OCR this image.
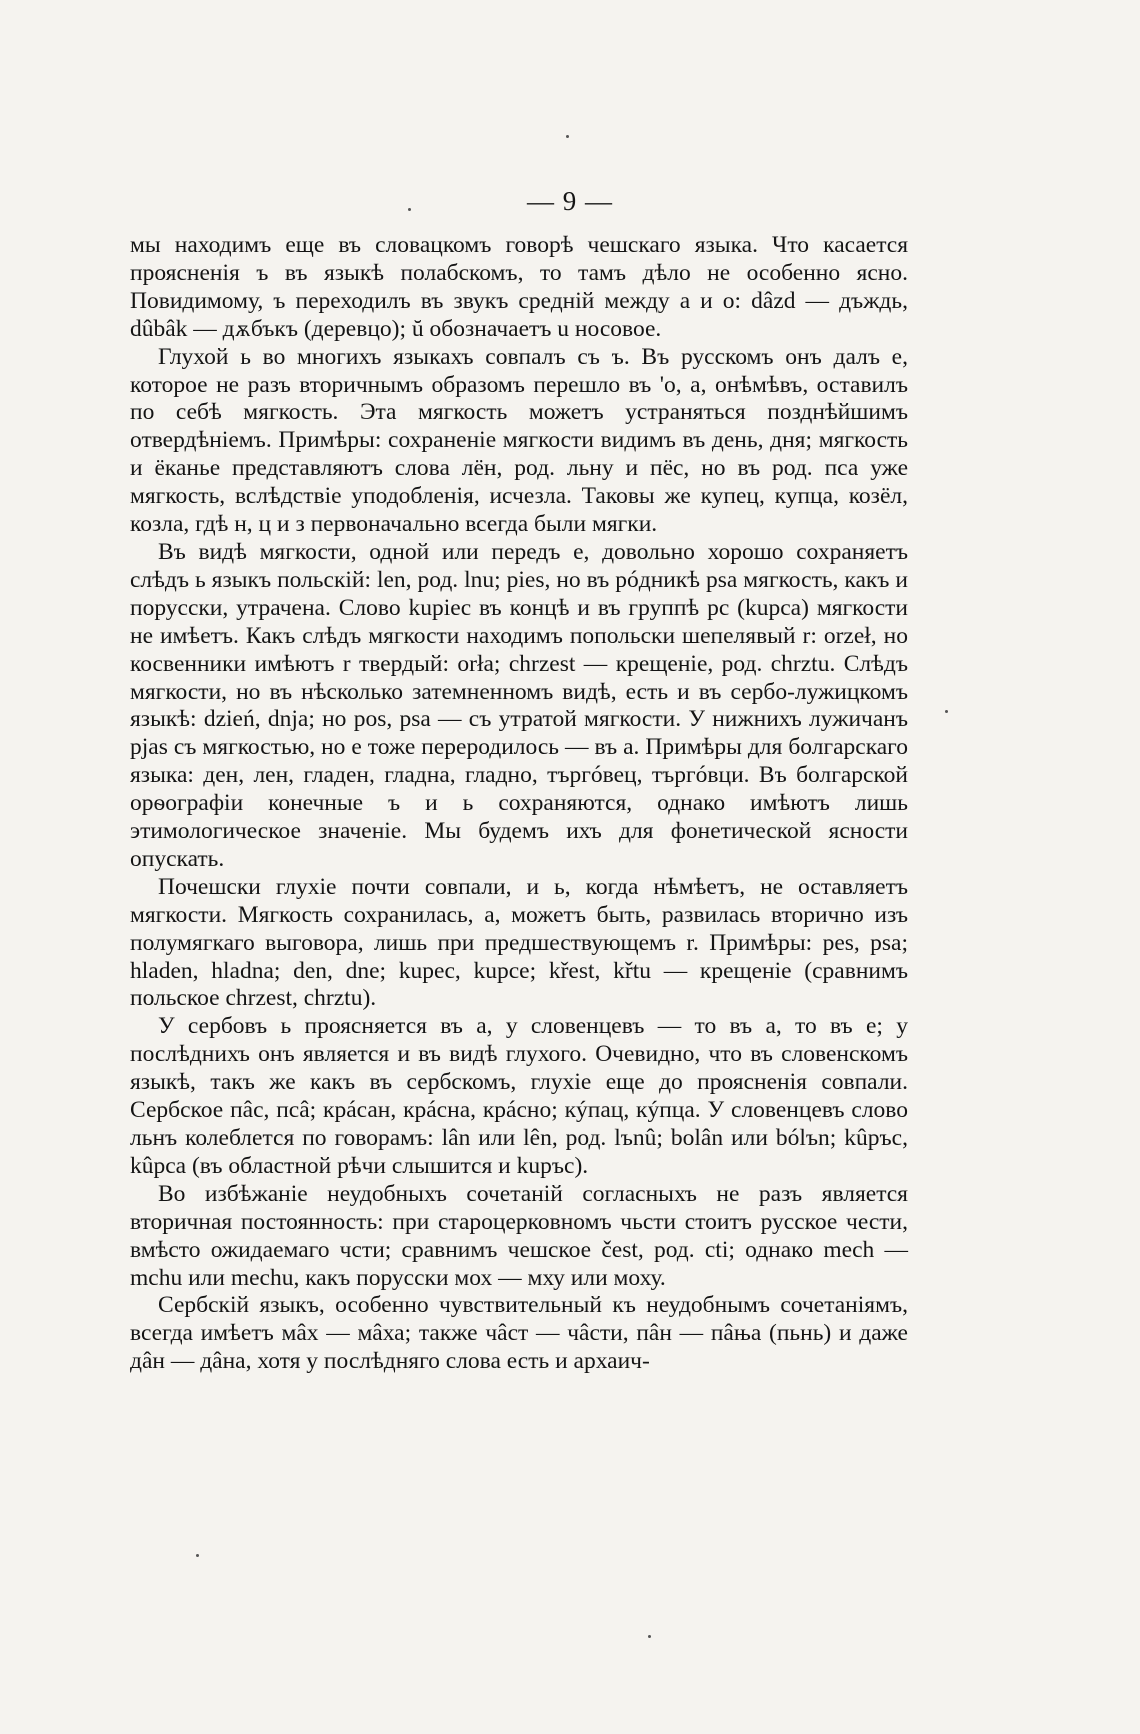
— 9 —

мы находимъ еще въ словацкомъ говорѣ чешскаго языка. Что касается проясненія ъ въ языкѣ полабскомъ, то тамъ дѣло не особенно ясно. Повидимому, ъ переходилъ въ звукъ средній между а и о: dâzd — дъждь, dûbâk — дѫбъкъ (деревцо); ŭ обозначаетъ u носовое.

Глухой ь во многихъ языкахъ совпалъ съ ъ. Въ русскомъ онъ далъ е, которое не разъ вторичнымъ образомъ перешло въ 'о, а, онѣмѣвъ, оставилъ по себѣ мягкость. Эта мягкость можетъ устраняться позднѣйшимъ отвердѣніемъ. Примѣры: сохраненіе мягкости видимъ въ день, дня; мягкость и ёканье представляютъ слова лён, род. льну и пёс, но въ род. пса уже мягкость, вслѣдствіе уподобленія, исчезла. Таковы же купец, купца, козёл, козла, гдѣ н, ц и з первоначально всегда были мягки.

Въ видѣ мягкости, одной или передъ е, довольно хорошо сохраняетъ слѣдъ ь языкъ польскій: len, род. lnu; pies, но въ рóдникѣ psa мягкость, какъ и порусски, утрачена. Слово kupiec въ концѣ и въ группѣ pc (kupca) мягкости не имѣетъ. Какъ слѣдъ мягкости находимъ попольски шепелявый r: orzeł, но косвенники имѣютъ r твердый: orła; chrzest — крещеніе, род. chrztu. Слѣдъ мягкости, но въ нѣсколько затемненномъ видѣ, есть и въ сербо-лужицкомъ языкѣ: dzień, dnja; но pos, psa — съ утратой мягкости. У нижнихъ лужичанъ pjas съ мягкостью, но е тоже переродилось — въ а. Примѣры для болгарскаго языка: ден, лен, гладен, гладна, гладно, търгóвец, търгóвци. Въ болгарской орѳографіи конечные ъ и ь сохраняются, однако имѣютъ лишь этимологическое значеніе. Мы будемъ ихъ для фонетической ясности опускать.

Почешски глухіе почти совпали, и ь, когда нѣмѣетъ, не оставляетъ мягкости. Мягкость сохранилась, а, можетъ быть, развилась вторично изъ полумягкаго выговора, лишь при предшествующемъ r. Примѣры: pes, psa; hladen, hladna; den, dne; kupec, kupce; křest, křtu — крещеніе (сравнимъ польское chrzest, chrztu).

У сербовъ ь проясняется въ а, у словенцевъ — то въ а, то въ е; у послѣднихъ онъ является и въ видѣ глухого. Очевидно, что въ словенскомъ языкѣ, такъ же какъ въ сербскомъ, глухіе еще до проясненія совпали. Сербское пâс, псâ; крáсан, крáсна, крáсно; кýпац, кýпца. У словенцевъ слово льнъ колеблется по говорамъ: lân или lên, род. lъnû; bolân или bólъn; kûpъс, kûpca (въ областной рѣчи слышится и kupъс).

Во избѣжаніе неудобныхъ сочетаній согласныхъ не разъ является вторичная постоянность: при староцерковномъ чьсти стоитъ русское чести, вмѣсто ожидаемаго чсти; сравнимъ чешское čest, род. cti; однако mech — mchu или mechu, какъ порусски мох — мху или моху.

Сербскій языкъ, особенно чувствительный къ неудобнымъ сочетаніямъ, всегда имѣетъ мâх — мâха; также чâст — чâсти, пâн — пâња (пьнь) и даже дâн — дâна, хотя у послѣдняго слова есть и архаич-
